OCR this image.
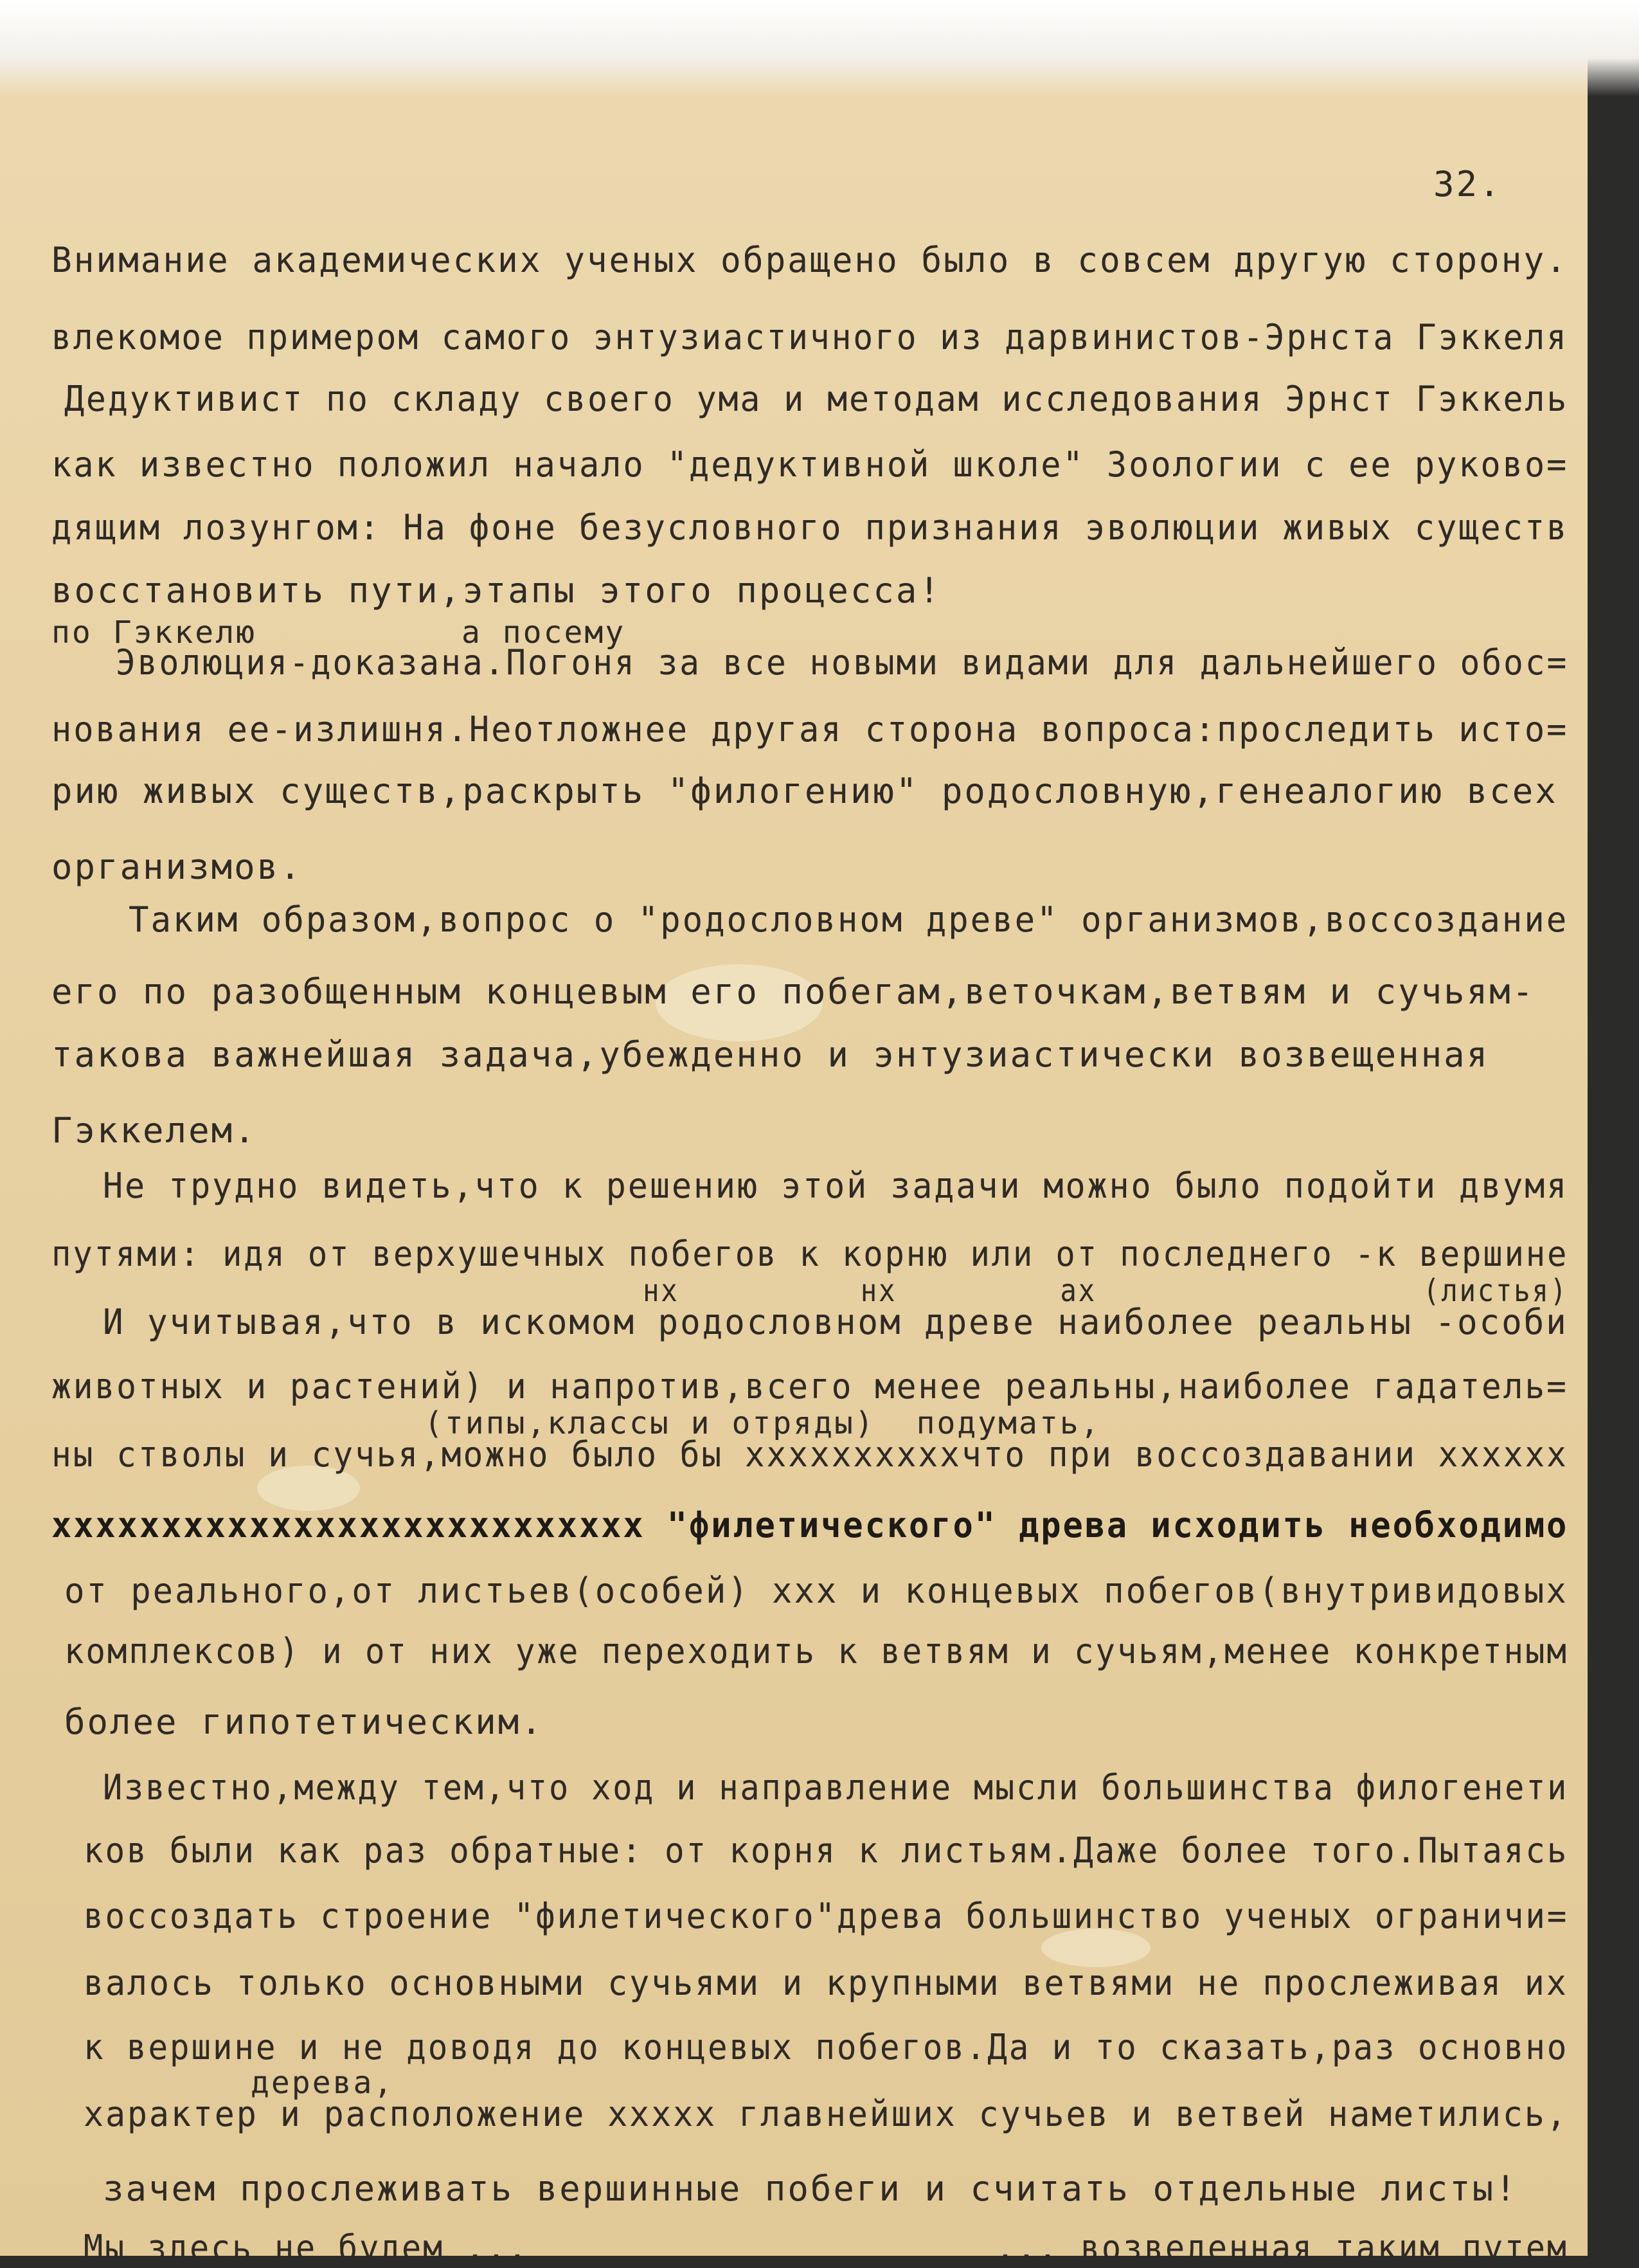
32.
Внимание академических ученых обращено было в совсем другую сторону.
влекомое примером самого энтузиастичного из дарвинистов-Эрнста Гэккеля
Дедуктивист по складу своего ума и методам исследования Эрнст Гэккель
как известно положил начало "дедуктивной школе" Зоологии с ее руково=
дящим лозунгом: На фоне безусловного признания эволюции живых существ
восстановить пути,этапы этого процесса!
по Гэккелю          а посему
Эволюция-доказана.Погоня за все новыми видами для дальнейшего обос=
нования ее-излишня.Неотложнее другая сторона вопроса:проследить исто=
рию живых существ,раскрыть "филогению" родословную,генеалогию всех
организмов.
Таким образом,вопрос о "родословном древе" организмов,воссоздание
его по разобщенным концевым его побегам,веточкам,ветвям и сучьям-
такова важнейшая задача,убежденно и энтузиастически возвещенная
Гэккелем.
Не трудно видеть,что к решению этой задачи можно было подойти двумя
путями: идя от верхушечных побегов к корню или от последнего -к вершине
нх          нх         ах                  (листья)
И учитывая,что в искомом родословном древе наиболее реальны -особи
животных и растений) и напротив,всего менее реальны,наиболее гадатель=
(типы,классы и отряды)  подумать,
ны стволы и сучья,можно было бы xxxxxxxxxxчто при воссоздавании xxxxxx
xxxxxxxxxxxxxxxxxxxxxxxxxxx "филетического" древа исходить необходимо
от реального,от листьев(особей) xxx и концевых побегов(внутривидовых
комплексов) и от них уже переходить к ветвям и сучьям,менее конкретным
более гипотетическим.
Известно,между тем,что ход и направление мысли большинства филогенети
ков были как раз обратные: от корня к листьям.Даже более того.Пытаясь
воссоздать строение "филетического"древа большинство ученых ограничи=
валось только основными сучьями и крупными ветвями не прослеживая их
к вершине и не доводя до концевых побегов.Да и то сказать,раз основно
дерева,
характер и расположение xxxxx главнейших сучьев и ветвей наметились,
зачем прослеживать вершинные побеги и считать отдельные листы!
Мы здесь не будем ...                      ... возведенная таким путем
